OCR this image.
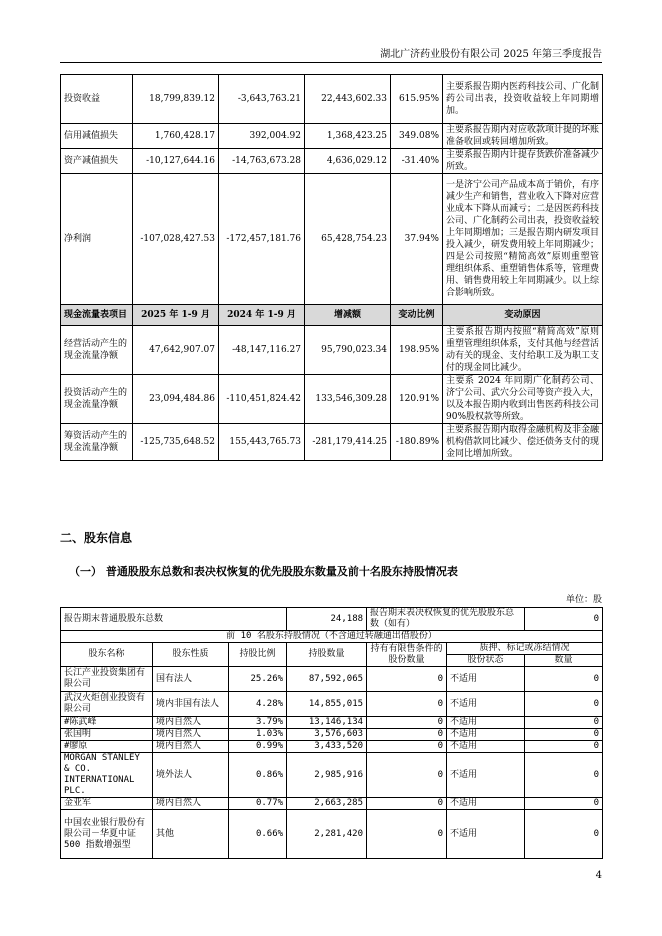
湖北广济药业股份有限公司 2025 年第三季度报告
投资收益	18,799,839.12	-3,643,763.21	22,443,602.33	615.95%	主要系报告期内医药科技公司、广化制药公司出表，投资收益较上年同期增加。
信用减值损失	1,760,428.17	392,004.92	1,368,423.25	349.08%	主要系报告期内对应收款项计提的坏账准备收回或转回增加所致。
资产减值损失	-10,127,644.16	-14,763,673.28	4,636,029.12	-31.40%	主要系报告期内计提存货跌价准备减少所致。
净利润	-107,028,427.53	-172,457,181.76	65,428,754.23	37.94%	一是济宁公司产品成本高于销价，有序减少生产和销售，营业收入下降对应营业成本下降从而减亏；二是因医药科技公司、广化制药公司出表，投资收益较上年同期增加；三是报告期内研发项目投入减少，研发费用较上年同期减少；四是公司按照“精简高效”原则重塑管理组织体系、重塑销售体系等，管理费用、销售费用较上年同期减少。以上综合影响所致。
现金流量表项目	2025 年 1-9 月	2024 年 1-9 月	增减额	变动比例	变动原因
经营活动产生的现金流量净额	47,642,907.07	-48,147,116.27	95,790,023.34	198.95%	主要系报告期内按照“精简高效”原则重塑管理组织体系，支付其他与经营活动有关的现金、支付给职工及为职工支付的现金同比减少。
投资活动产生的现金流量净额	23,094,484.86	-110,451,824.42	133,546,309.28	120.91%	主要系 2024 年同期广化制药公司、济宁公司、武穴分公司等资产投入大，以及本报告期内收到出售医药科技公司 90%股权款等所致。
筹资活动产生的现金流量净额	-125,735,648.52	155,443,765.73	-281,179,414.25	-180.89%	主要系报告期内取得金融机构及非金融机构借款同比减少、偿还债务支付的现金同比增加所致。
二、股东信息
（一） 普通股股东总数和表决权恢复的优先股股东数量及前十名股东持股情况表
单位：股
报告期末普通股股东总数			24,188	报告期末表决权恢复的优先股股东总数（如有）		0
前 10 名股东持股情况（不含通过转融通出借股份）						
股东名称	股东性质	持股比例	持股数量	持有有限售条件的股份数量	质押、标记或冻结情况	
					股份状态	数量
长江产业投资集团有限公司	国有法人	25.26%	87,592,065	0	不适用	0
武汉火炬创业投资有限公司	境内非国有法人	4.28%	14,855,015	0	不适用	0
#陈武峰	境内自然人	3.79%	13,146,134	0	不适用	0
张国明	境内自然人	1.03%	3,576,603	0	不适用	0
#廖原	境内自然人	0.99%	3,433,520	0	不适用	0
MORGAN STANLEY & CO. INTERNATIONAL PLC.	境外法人	0.86%	2,985,916	0	不适用	0
金亚军	境内自然人	0.77%	2,663,285	0	不适用	0
中国农业银行股份有限公司－华夏中证 500 指数增强型	其他	0.66%	2,281,420	0	不适用	0
4
